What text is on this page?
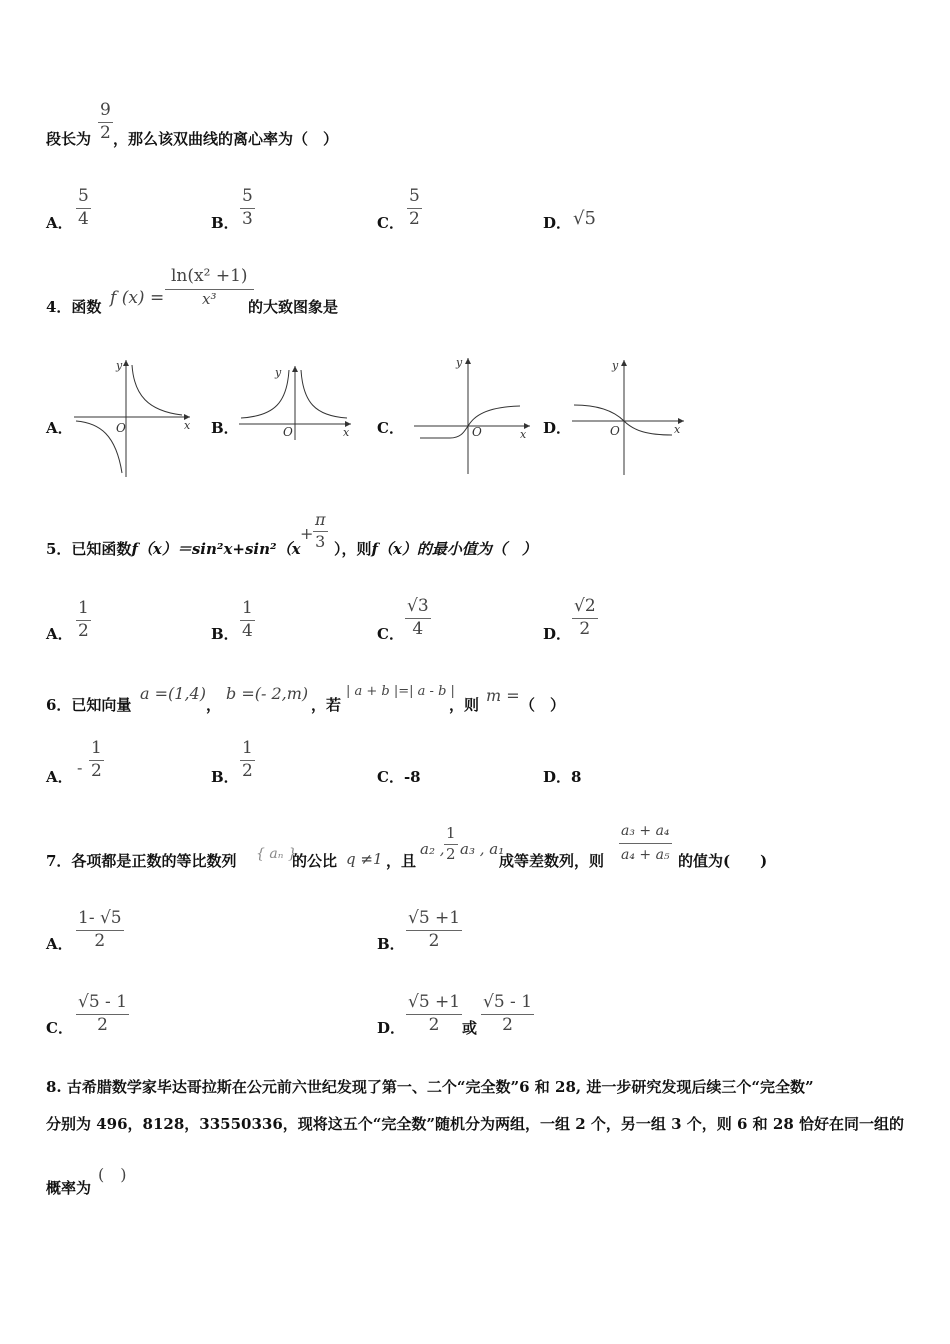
$\frac{9}{2}$
段长为 ，那么该双曲线的离心率为（　）
A． $\frac{5}{4}$	B． $\frac{5}{3}$	C． $\frac{5}{2}$	D． √5
4．函数 f $(x) = \frac{\text{ln(x² +1)}}{\text{x³}}$
的大致图象是
A．
y
x
O	B．
y
x
O	C．
y
x
O	D．
y
x
O
5．已知函数f（x）＝sin²x+sin²（x
+ $\frac{\pi}{3}$ ），则f（x）的最小值为（　）
A． $\frac{1}{2}$	B． $\frac{1}{4}$	C． $\frac{√3}{4}$	D． $\frac{√2}{2}$
6．已知向量
a =(1,4)
，
b =(- 2,m)
，若
| a + b |=| a - b |
，则 m = （　）
A． - $\frac{1}{2}$	B． $\frac{1}{2}$	C．-8	D．8
7．各项都是正数的等比数列 { aₙ }
的公比 q ≠1 ，且
a₂ , $\frac{1}{2} a_3$ , a₁
成等差数列，则 $\frac{\text{a₃ + a₄}}{\text{a₄ + a₅}}$ 的值为(　　)
A． $\frac{1- √5}{2}$	B． $\frac{√5 +1}{2}$
C． $\frac{√5 - 1}{2}$	D． $\frac{√5 +1}{2}$ 或 $\frac{√5 - 1}{2}$
8. 古希腊数学家毕达哥拉斯在公元前六世纪发现了第一、二个“完全数”6 和 28, 进一步研究发现后续三个“完全数”
分别为 496，8128，33550336，现将这五个“完全数”随机分为两组，一组 2 个，另一组 3 个，则 6 和 28 恰好在同一组的
概率为
(　)
